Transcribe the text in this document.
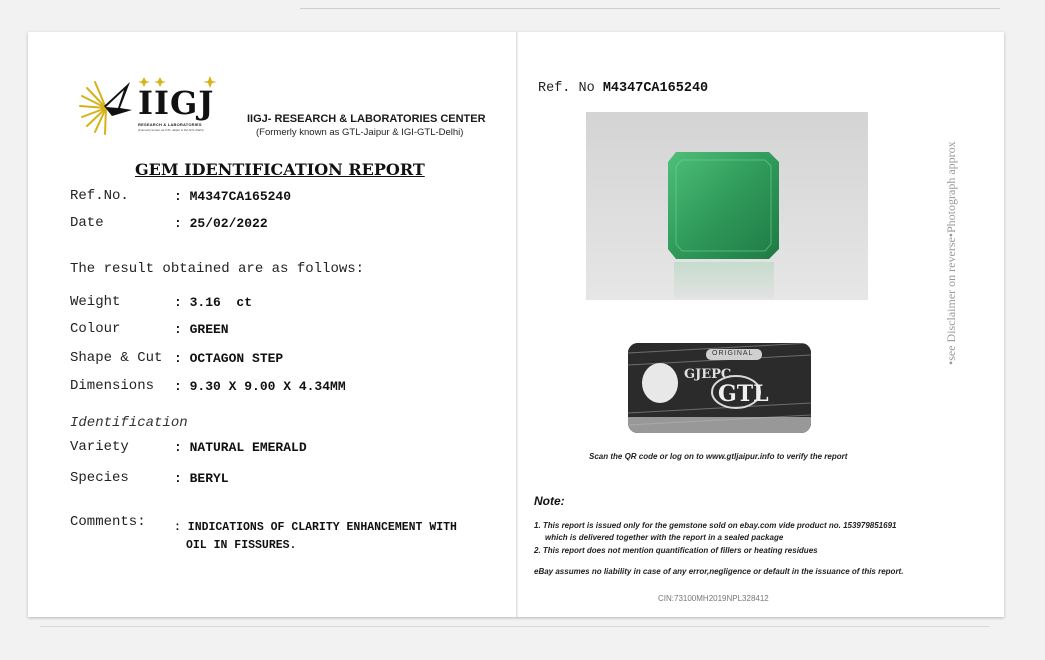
IIGJ
RESEARCH & LABORATORIES
(Formerly known as GTL-Jaipur & IGI-GTL-Delhi)
IIGJ- RESEARCH & LABORATORIES CENTER
(Formerly known as GTL-Jaipur & IGI-GTL-Delhi)
GEM IDENTIFICATION REPORT
Ref.No.	: M4347CA165240
Date	: 25/02/2022
The result obtained are as follows:
Weight	: 3.16  ct
Colour	: GREEN
Shape & Cut : OCTAGON STEP
Dimensions : 9.30 X 9.00 X 4.34MM
Identification
Variety	: NATURAL EMERALD
Species	: BERYL
Comments: : INDICATIONS OF CLARITY ENHANCEMENT WITH
OIL IN FISSURES.
Ref. No M4347CA165240
ORIGINAL
GJEPC
GTL
Scan the QR code or log on to www.gtljaipur.info to verify the report
Note:
1. This report is issued only for the gemstone sold on ebay.com vide product no. 153979851691
which is delivered together with the report in a sealed package
2. This report does not mention quantification of fillers or heating residues
eBay assumes no liability in case of any error,negligence or default in the issuance of this report.
CIN:73100MH2019NPL328412
•see Disclaimer on reverse•Photograph approx
